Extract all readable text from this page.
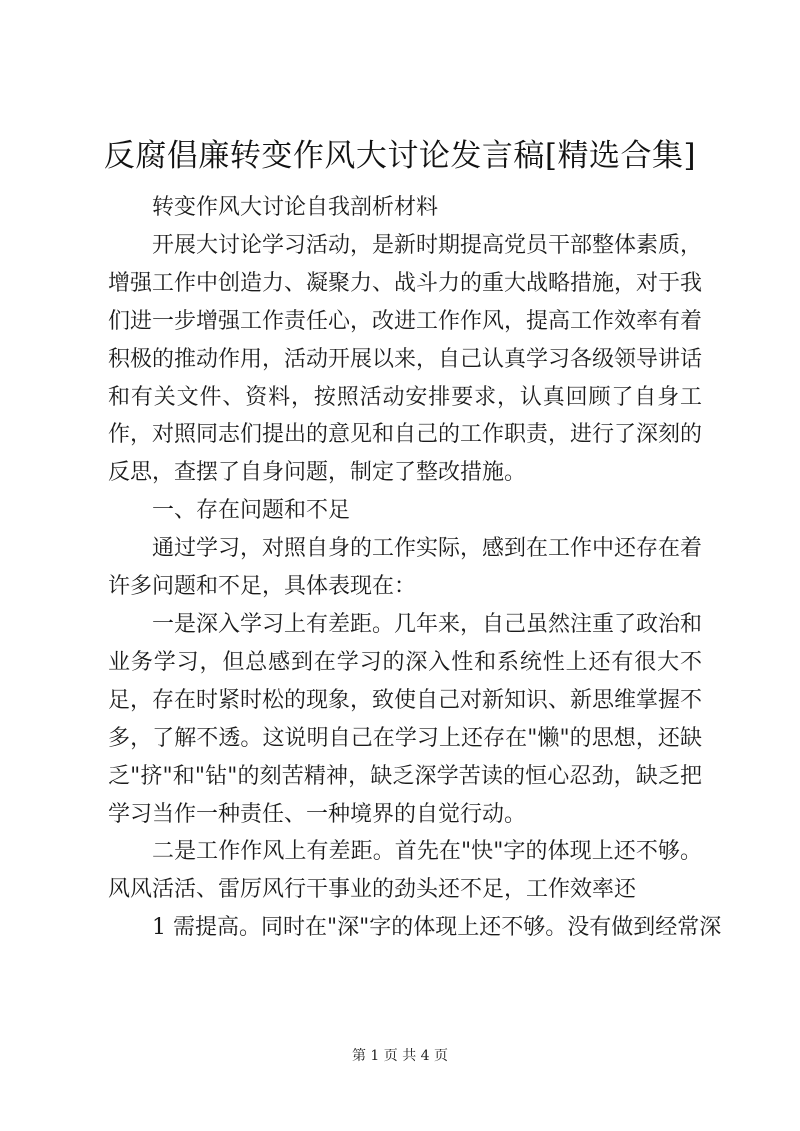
反腐倡廉转变作风大讨论发言稿[精选合集]

转变作风大讨论自我剖析材料

开展大讨论学习活动，是新时期提高党员干部整体素质，增强工作中创造力、凝聚力、战斗力的重大战略措施，对于我们进一步增强工作责任心，改进工作作风，提高工作效率有着积极的推动作用，活动开展以来，自己认真学习各级领导讲话和有关文件、资料，按照活动安排要求，认真回顾了自身工作，对照同志们提出的意见和自己的工作职责，进行了深刻的反思，查摆了自身问题，制定了整改措施。

一、存在问题和不足

通过学习，对照自身的工作实际，感到在工作中还存在着许多问题和不足，具体表现在：

一是深入学习上有差距。几年来，自己虽然注重了政治和业务学习，但总感到在学习的深入性和系统性上还有很大不足，存在时紧时松的现象，致使自己对新知识、新思维掌握不多，了解不透。这说明自己在学习上还存在"懒"的思想，还缺乏"挤"和"钻"的刻苦精神，缺乏深学苦读的恒心忍劲，缺乏把学习当作一种责任、一种境界的自觉行动。

二是工作作风上有差距。首先在"快"字的体现上还不够。风风活活、雷厉风行干事业的劲头还不足，工作效率还

1 需提高。同时在"深"字的体现上还不够。没有做到经常深

第 1 页 共 4 页
